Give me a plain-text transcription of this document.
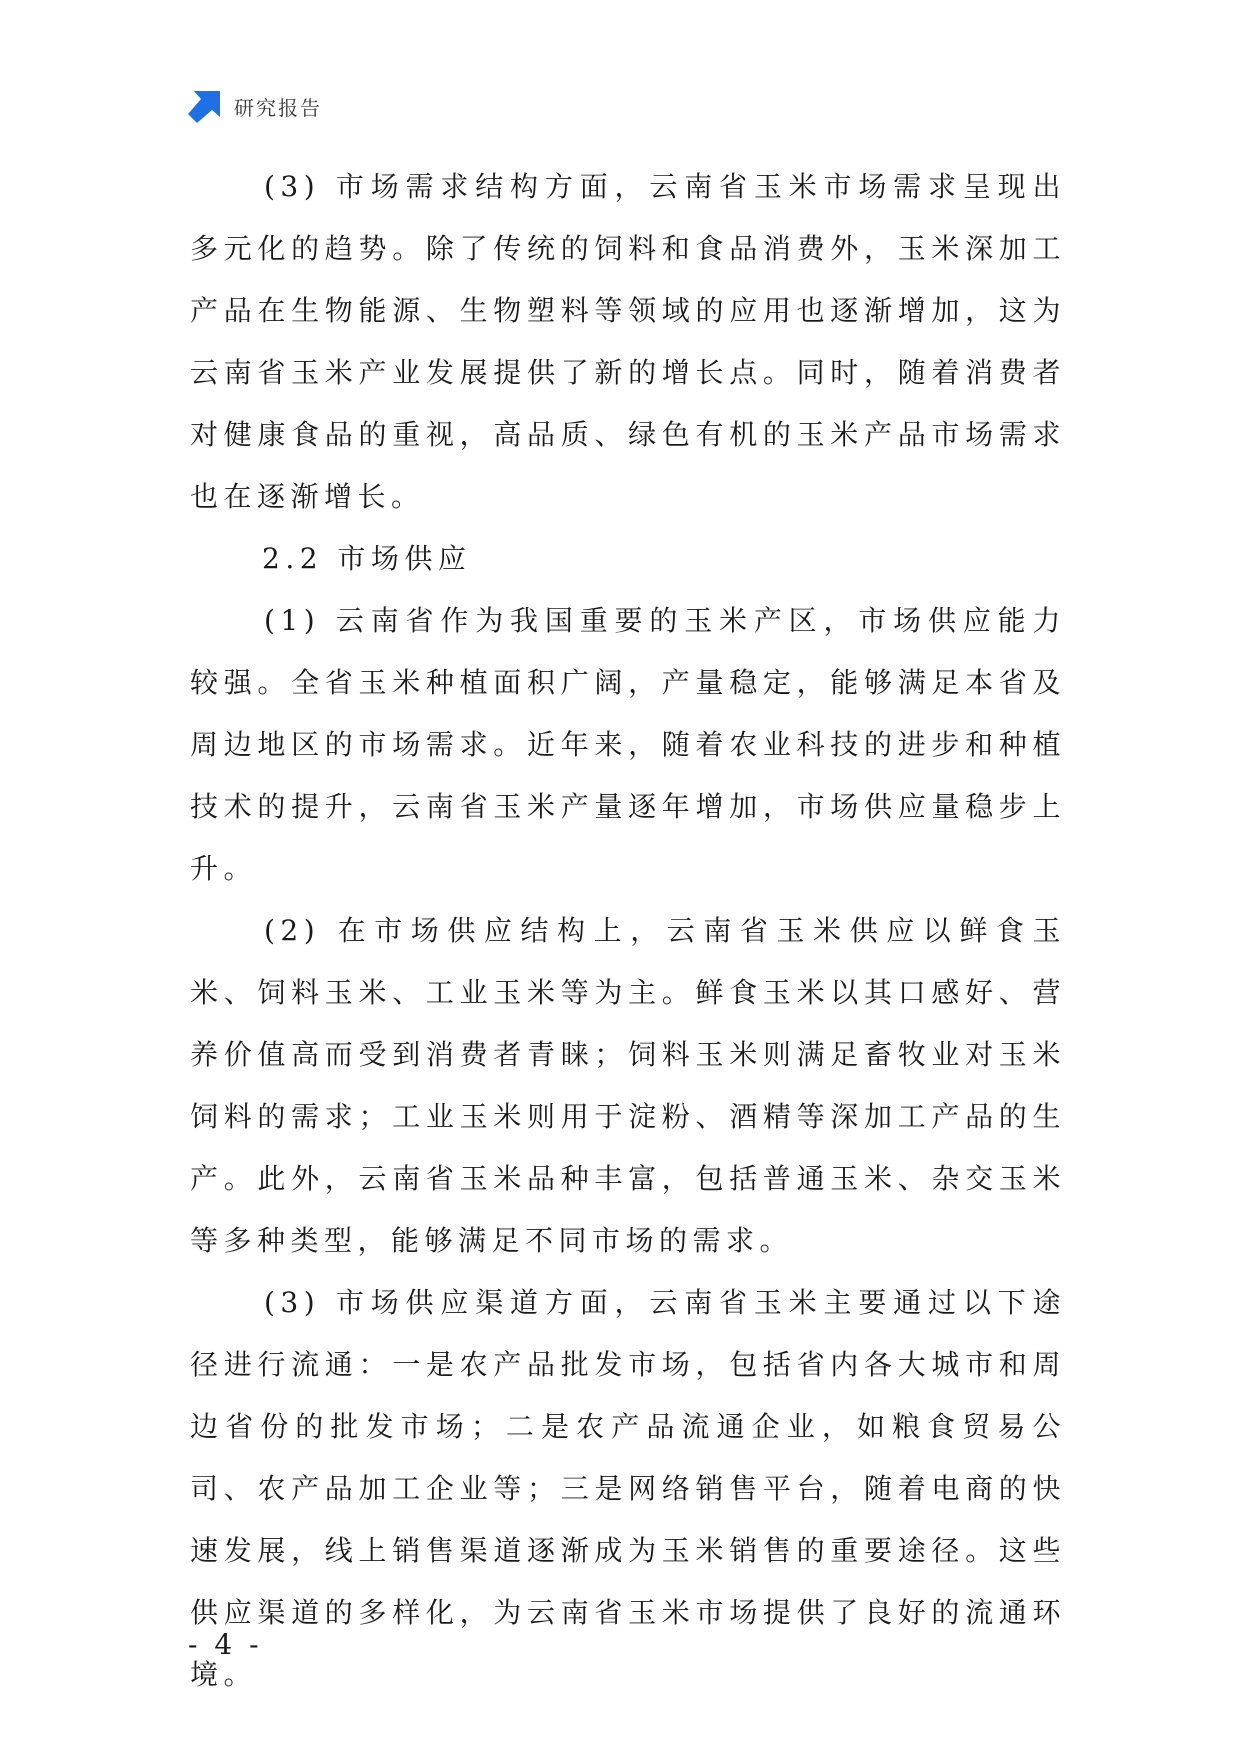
研究报告

(3) 市场需求结构方面，云南省玉米市场需求呈现出多元化的趋势。除了传统的饲料和食品消费外，玉米深加工产品在生物能源、生物塑料等领域的应用也逐渐增加，这为云南省玉米产业发展提供了新的增长点。同时，随着消费者对健康食品的重视，高品质、绿色有机的玉米产品市场需求也在逐渐增长。

2.2 市场供应

(1) 云南省作为我国重要的玉米产区，市场供应能力较强。全省玉米种植面积广阔，产量稳定，能够满足本省及周边地区的市场需求。近年来，随着农业科技的进步和种植技术的提升，云南省玉米产量逐年增加，市场供应量稳步上升。

(2) 在市场供应结构上，云南省玉米供应以鲜食玉米、饲料玉米、工业玉米等为主。鲜食玉米以其口感好、营养价值高而受到消费者青睐；饲料玉米则满足畜牧业对玉米饲料的需求；工业玉米则用于淀粉、酒精等深加工产品的生产。此外，云南省玉米品种丰富，包括普通玉米、杂交玉米等多种类型，能够满足不同市场的需求。

(3) 市场供应渠道方面，云南省玉米主要通过以下途径进行流通：一是农产品批发市场，包括省内各大城市和周边省份的批发市场；二是农产品流通企业，如粮食贸易公司、农产品加工企业等；三是网络销售平台，随着电商的快速发展，线上销售渠道逐渐成为玉米销售的重要途径。这些供应渠道的多样化，为云南省玉米市场提供了良好的流通环境。

- 4 -
